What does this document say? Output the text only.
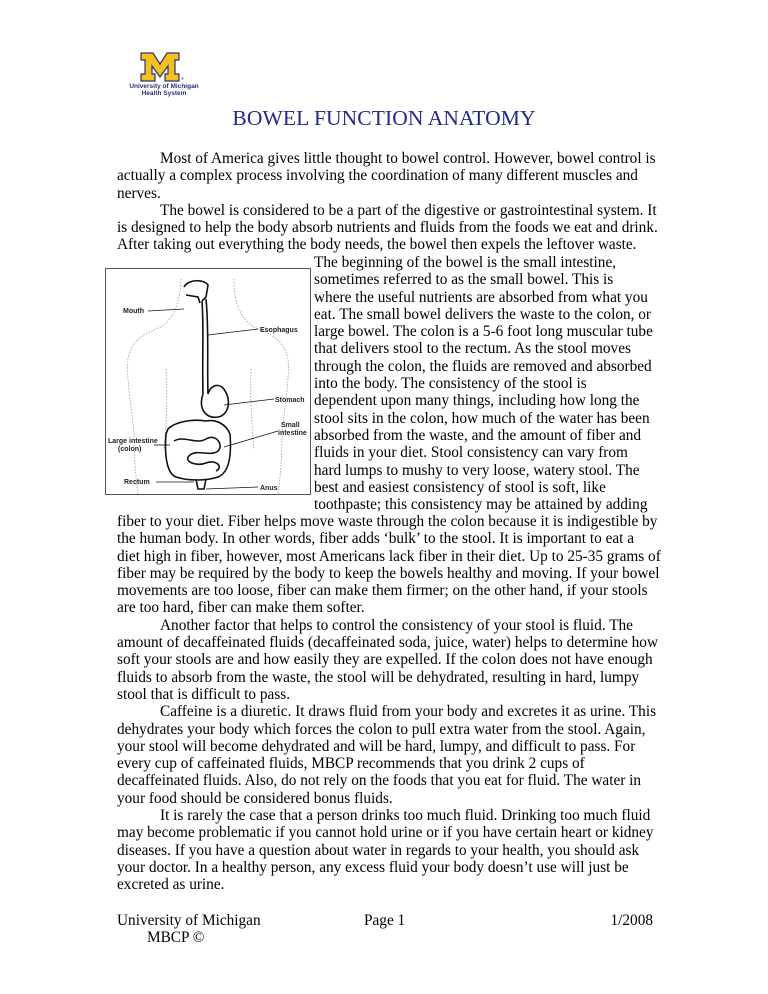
®
University of Michigan
Health System
BOWEL FUNCTION ANATOMY
Most of America gives little thought to bowel control. However, bowel control is
actually a complex process involving the coordination of many different muscles and
nerves.
The bowel is considered to be a part of the digestive or gastrointestinal system. It
is designed to help the body absorb nutrients and fluids from the foods we eat and drink.
After taking out everything the body needs, the bowel then expels the leftover waste.
Mouth
Esophagus
Stomach
Small
intestine
Large intestine
(colon)
Rectum
Anus
The beginning of the bowel is the small intestine,
sometimes referred to as the small bowel. This is
where the useful nutrients are absorbed from what you
eat. The small bowel delivers the waste to the colon, or
large bowel. The colon is a 5-6 foot long muscular tube
that delivers stool to the rectum. As the stool moves
through the colon, the fluids are removed and absorbed
into the body. The consistency of the stool is
dependent upon many things, including how long the
stool sits in the colon, how much of the water has been
absorbed from the waste, and the amount of fiber and
fluids in your diet. Stool consistency can vary from
hard lumps to mushy to very loose, watery stool. The
best and easiest consistency of stool is soft, like
toothpaste; this consistency may be attained by adding
fiber to your diet. Fiber helps move waste through the colon because it is indigestible by
the human body. In other words, fiber adds ‘bulk’ to the stool. It is important to eat a
diet high in fiber, however, most Americans lack fiber in their diet. Up to 25-35 grams of
fiber may be required by the body to keep the bowels healthy and moving. If your bowel
movements are too loose, fiber can make them firmer; on the other hand, if your stools
are too hard, fiber can make them softer.
Another factor that helps to control the consistency of your stool is fluid. The
amount of decaffeinated fluids (decaffeinated soda, juice, water) helps to determine how
soft your stools are and how easily they are expelled. If the colon does not have enough
fluids to absorb from the waste, the stool will be dehydrated, resulting in hard, lumpy
stool that is difficult to pass.
Caffeine is a diuretic. It draws fluid from your body and excretes it as urine. This
dehydrates your body which forces the colon to pull extra water from the stool. Again,
your stool will become dehydrated and will be hard, lumpy, and difficult to pass. For
every cup of caffeinated fluids, MBCP recommends that you drink 2 cups of
decaffeinated fluids. Also, do not rely on the foods that you eat for fluid. The water in
your food should be considered bonus fluids.
It is rarely the case that a person drinks too much fluid. Drinking too much fluid
may become problematic if you cannot hold urine or if you have certain heart or kidney
diseases. If you have a question about water in regards to your health, you should ask
your doctor. In a healthy person, any excess fluid your body doesn’t use will just be
excreted as urine.
University of Michigan
MBCP ©
Page 1	1/2008
